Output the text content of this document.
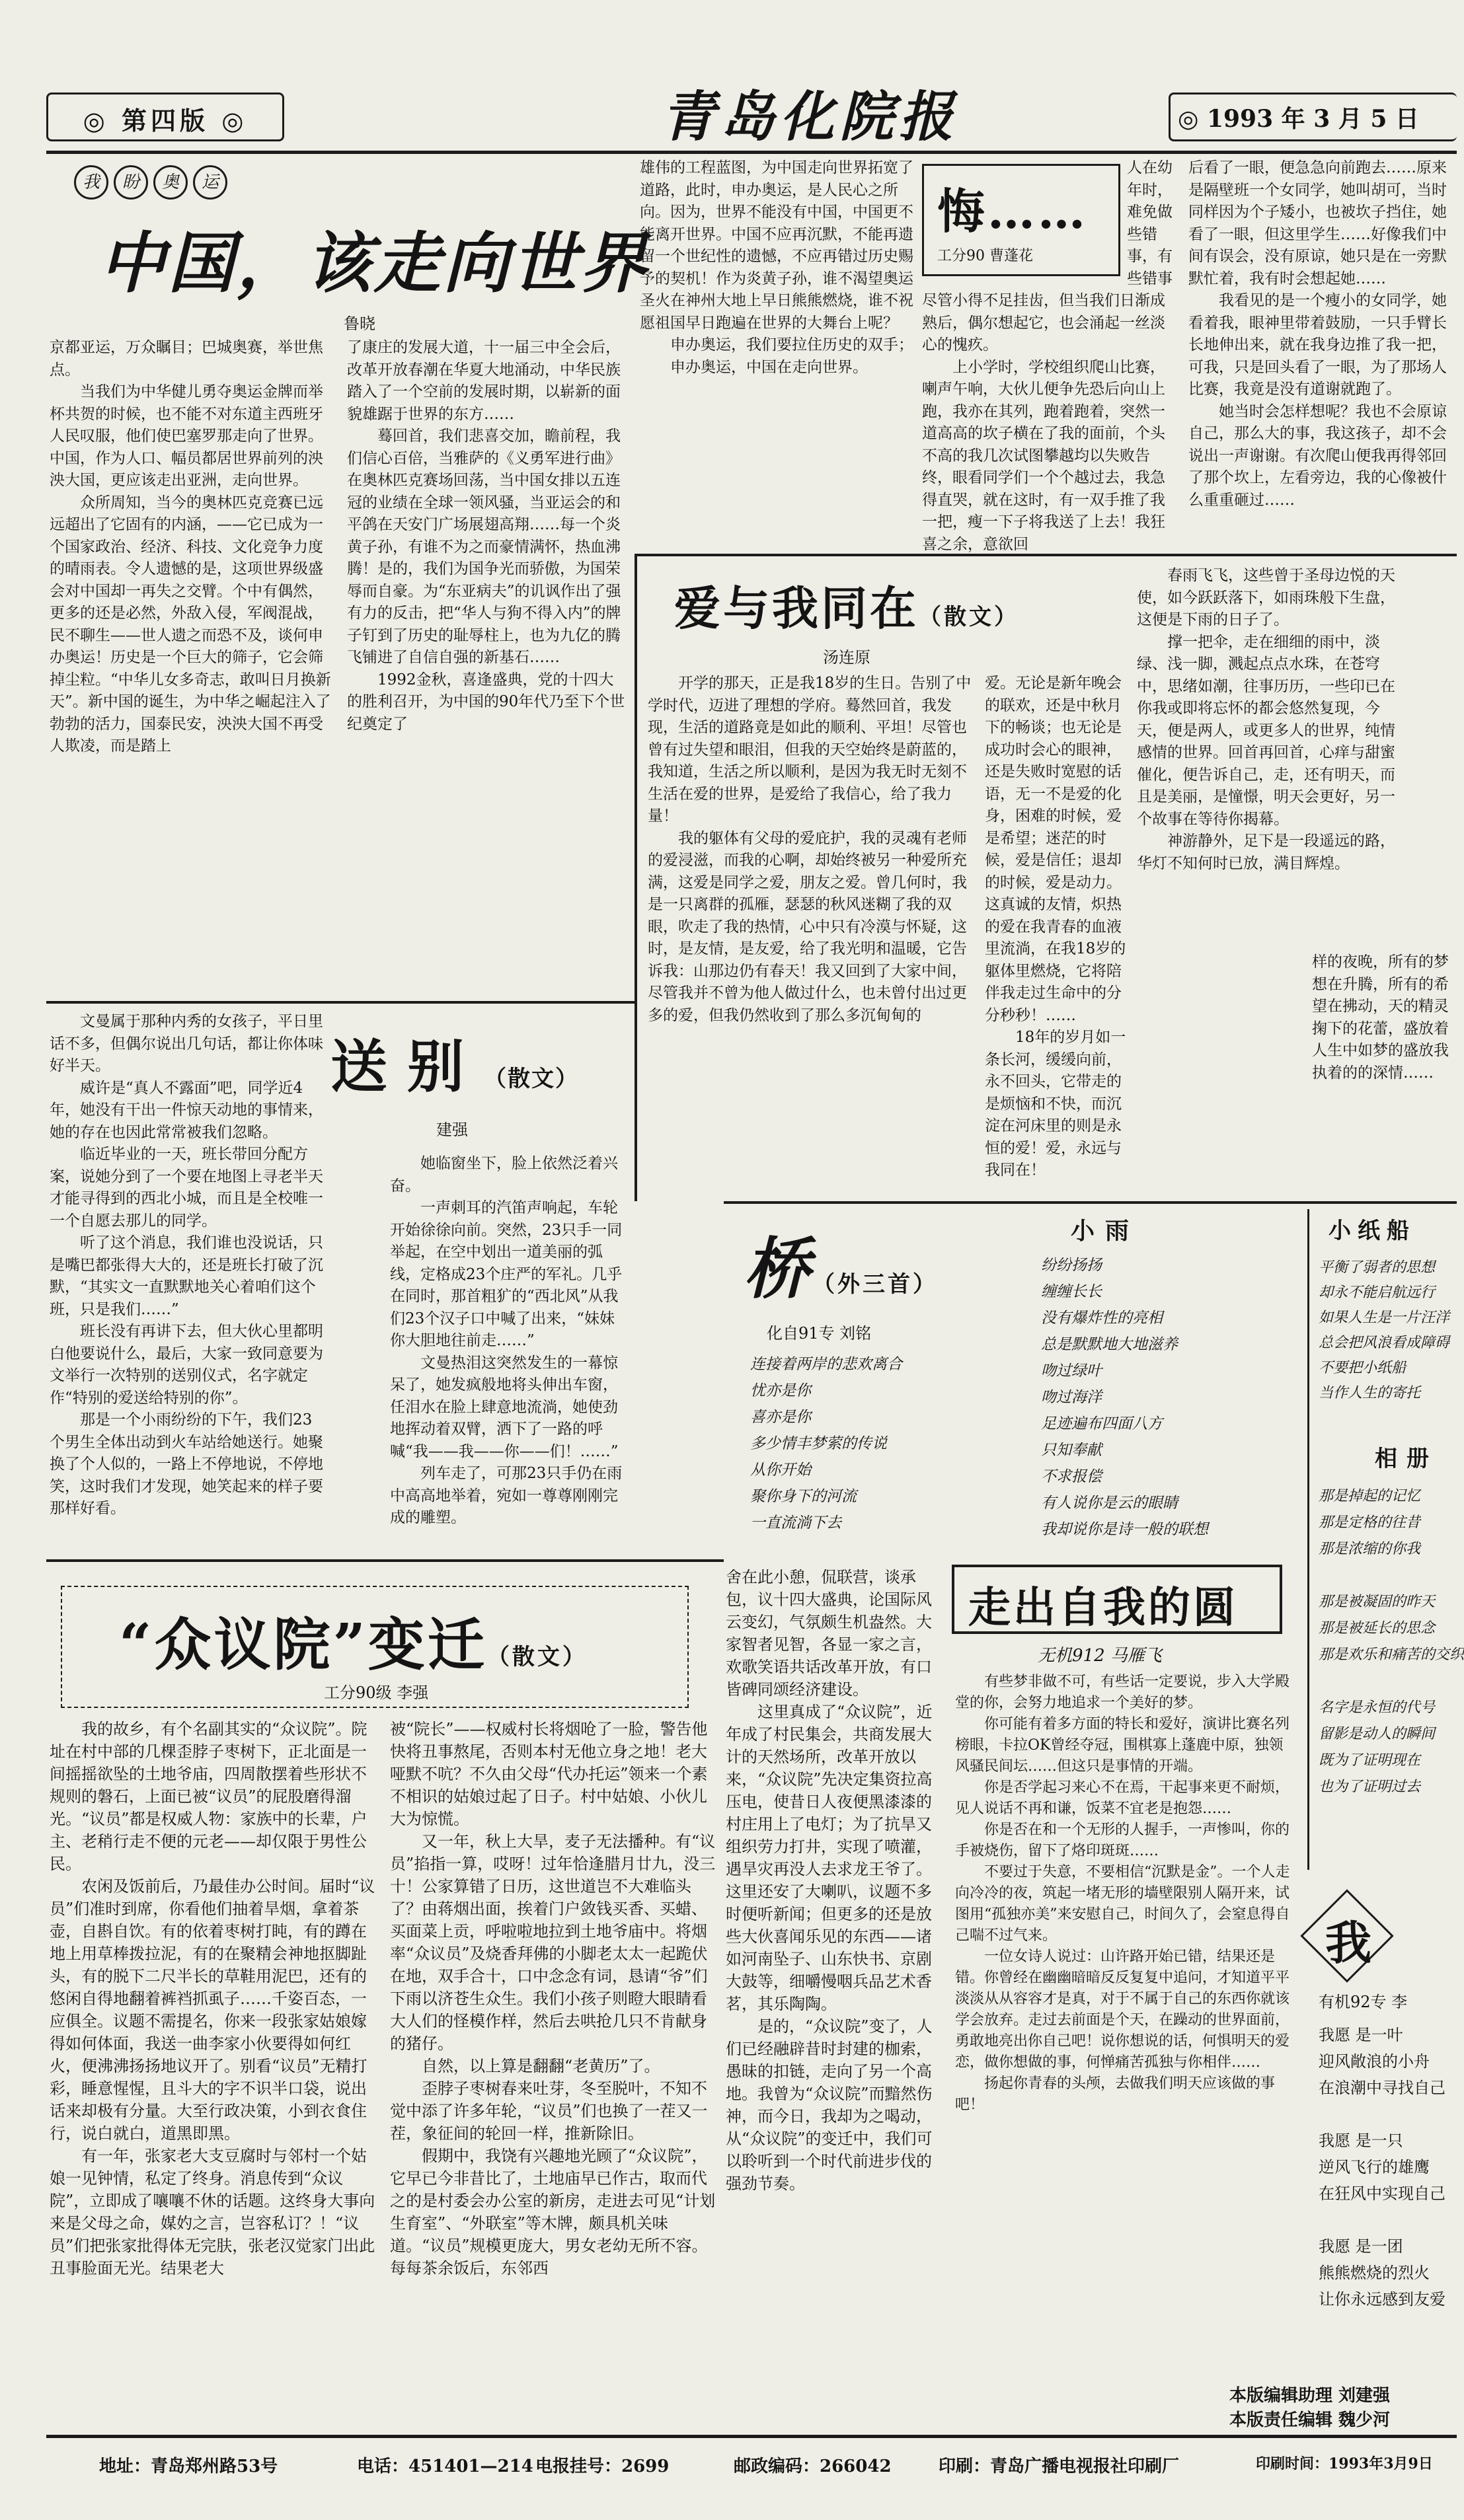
◎ 第四版 ◎	青岛化院报	◎ 1993 年 3 月 5 日
我 盼 奥 运
中国，该走向世界
鲁晓

京都亚运，万众瞩目；巴城奥赛，举世焦点。

当我们为中华健儿勇夺奥运金牌而举杯共贺的时候，也不能不对东道主西班牙人民叹服，他们使巴塞罗那走向了世界。中国，作为人口、幅员都居世界前列的泱泱大国，更应该走出亚洲，走向世界。

众所周知，当今的奥林匹克竞赛已远远超出了它固有的内涵，——它已成为一个国家政治、经济、科技、文化竞争力度的晴雨表。令人遗憾的是，这项世界级盛会对中国却一再失之交臂。个中有偶然，更多的还是必然，外敌入侵，军阀混战，民不聊生——世人遗之而恐不及，谈何申办奥运！历史是一个巨大的筛子，它会筛掉尘粒。“中华儿女多奇志，敢叫日月换新天”。新中国的诞生，为中华之崛起注入了勃勃的活力，国泰民安，泱泱大国不再受人欺凌，而是踏上

了康庄的发展大道，十一届三中全会后，改革开放春潮在华夏大地涌动，中华民族踏入了一个空前的发展时期，以崭新的面貌雄踞于世界的东方……

蓦回首，我们悲喜交加，瞻前程，我们信心百倍，当雅萨的《义勇军进行曲》在奥林匹克赛场回荡，当中国女排以五连冠的业绩在全球一领风骚，当亚运会的和平鸽在天安门广场展翅高翔……每一个炎黄子孙，有谁不为之而豪情满怀，热血沸腾！是的，我们为国争光而骄傲，为国荣辱而自豪。为“东亚病夫”的讥讽作出了强有力的反击，把“华人与狗不得入内”的牌子钉到了历史的耻辱柱上，也为九亿的腾飞铺进了自信自强的新基石……

1992金秋，喜逢盛典，党的十四大的胜利召开，为中国的90年代乃至下个世纪奠定了

雄伟的工程蓝图，为中国走向世界拓宽了道路，此时，申办奥运，是人民心之所向。因为，世界不能没有中国，中国更不能离开世界。中国不应再沉默，不能再遗留一个世纪性的遗憾，不应再错过历史赐予的契机！作为炎黄子孙，谁不渴望奥运圣火在神州大地上早日熊熊燃烧，谁不祝愿祖国早日跑遍在世界的大舞台上呢？

申办奥运，我们要拉住历史的双手；

申办奥运，中国在走向世界。

悔……
工分90 曹蓬花

人在幼年时，难免做些错事，有些错事尽管小得不足挂齿，但当我们日渐成熟后，偶尔想起它，也会涌起一丝淡心的愧疚。

上小学时，学校组织爬山比赛，喇声午响，大伙儿便争先恐后向山上跑，我亦在其列，跑着跑着，突然一道高高的坎子横在了我的面前，个头不高的我几次试图攀越均以失败告终，眼看同学们一个个越过去，我急得直哭，就在这时，有一双手推了我一把，瘦一下子将我送了上去！我狂喜之余，意欲回

后看了一眼，便急急向前跑去……原来是隔壁班一个女同学，她叫胡可，当时同样因为个子矮小，也被坎子挡住，她看了一眼，但这里学生……好像我们中间有误会，没有原谅，她只是在一旁默默忙着，我有时会想起她……

我看见的是一个瘦小的女同学，她看着我，眼神里带着鼓励，一只手臂长长地伸出来，就在我身边推了我一把，可我，只是回头看了一眼，为了那场人比赛，我竟是没有道谢就跑了。

她当时会怎样想呢？我也不会原谅自己，那么大的事，我这孩子，却不会说出一声谢谢。有次爬山便我再得邻回了那个坎上，左看旁边，我的心像被什么重重砸过……

爱与我同在（散文）
汤连原

开学的那天，正是我18岁的生日。告别了中学时代，迈进了理想的学府。蓦然回首，我发现，生活的道路竟是如此的顺利、平坦！尽管也曾有过失望和眼泪，但我的天空始终是蔚蓝的，我知道，生活之所以顺利，是因为我无时无刻不生活在爱的世界，是爱给了我信心，给了我力量！

我的躯体有父母的爱庇护，我的灵魂有老师的爱浸滋，而我的心啊，却始终被另一种爱所充满，这爱是同学之爱，朋友之爱。曾几何时，我是一只离群的孤雁，瑟瑟的秋风迷糊了我的双眼，吹走了我的热情，心中只有冷漠与怀疑，这时，是友情，是友爱，给了我光明和温暖，它告诉我：山那边仍有春天！我又回到了大家中间，尽管我并不曾为他人做过什么，也未曾付出过更多的爱，但我仍然收到了那么多沉甸甸的

爱。无论是新年晚会的联欢，还是中秋月下的畅谈；也无论是成功时会心的眼神，还是失败时宽慰的话语，无一不是爱的化身，困难的时候，爱是希望；迷茫的时候，爱是信任；退却的时候，爱是动力。这真诚的友情，炽热的爱在我青春的血液里流淌，在我18岁的躯体里燃烧，它将陪伴我走过生命中的分分秒秒！……

18年的岁月如一条长河，缓缓向前，永不回头，它带走的是烦恼和不快，而沉淀在河床里的则是永恒的爱！爱，永远与我同在！

春雨飞飞，这些曾于圣母边悦的天使，如今跃跃落下，如雨珠般下生盘，这便是下雨的日子了。

撑一把伞，走在细细的雨中，淡绿、浅一脚，溅起点点水珠，在苍穹中，思绪如潮，往事历历，一些印已在你我或即将忘怀的都会悠然复现，今天，便是两人，或更多人的世界，纯情感情的世界。回首再回首，心痒与甜蜜催化，便告诉自己，走，还有明天，而且是美丽，是憧憬，明天会更好，另一个故事在等待你揭幕。

神游静外，足下是一段遥远的路，华灯不知何时已放，满目辉煌。

样的夜晚，所有的梦想在升腾，所有的希望在拂动，天的精灵掬下的花蕾，盛放着人生中如梦的盛放我执着的的深情……

文曼属于那种内秀的女孩子，平日里话不多，但偶尔说出几句话，都让你体味好半天。

威许是“真人不露面”吧，同学近4年，她没有干出一件惊天动地的事情来，她的存在也因此常常被我们忽略。

临近毕业的一天，班长带回分配方案，说她分到了一个要在地图上寻老半天才能寻得到的西北小城，而且是全校唯一一个自愿去那儿的同学。

听了这个消息，我们谁也没说话，只是嘴巴都张得大大的，还是班长打破了沉默，“其实文一直默默地关心着咱们这个班，只是我们……”

班长没有再讲下去，但大伙心里都明白他要说什么，最后，大家一致同意要为文举行一次特别的送别仪式，名字就定作“特别的爱送给特别的你”。

那是一个小雨纷纷的下午，我们23个男生全体出动到火车站给她送行。她聚换了个人似的，一路上不停地说，不停地笑，这时我们才发现，她笑起来的样子要那样好看。

送别（散文）
建强

她临窗坐下，脸上依然泛着兴奋。

一声刺耳的汽笛声响起，车轮开始徐徐向前。突然，23只手一同举起，在空中划出一道美丽的弧线，定格成23个庄严的军礼。几乎在同时，那首粗犷的“西北风”从我们23个汉子口中喊了出来，“妹妹你大胆地往前走……”

文曼热泪这突然发生的一幕惊呆了，她发疯般地将头伸出车窗，任泪水在脸上肆意地流淌，她使劲地挥动着双臂，洒下了一路的呼喊“我——我——你——们！……”

列车走了，可那23只手仍在雨中高高地举着，宛如一尊尊刚刚完成的雕塑。

桥（外三首）
化自91专 刘铭
连接着两岸的悲欢离合
忧亦是你
喜亦是你
多少情丰梦萦的传说
从你开始
聚你身下的河流
一直流淌下去
小雨
纷纷扬扬
缠缠长长
没有爆炸性的亮相
总是默默地大地滋养
吻过绿叶
吻过海洋
足迹遍布四面八方
只知奉献
不求报偿
有人说你是云的眼睛
我却说你是诗一般的联想
小纸船
平衡了弱者的思想
却永不能启航远行
如果人生是一片汪洋
总会把风浪看成障碍
不要把小纸船
当作人生的寄托
相册
那是掉起的记忆
那是定格的往昔
那是浓缩的你我

那是被凝固的昨天
那是被延长的思念
那是欢乐和痛苦的交织

名字是永恒的代号
留影是动人的瞬间
既为了证明现在
也为了证明过去
“众议院”变迁（散文）
工分90级 李强

我的故乡，有个名副其实的“众议院”。院址在村中部的几棵歪脖子枣树下，正北面是一间摇摇欲坠的土地爷庙，四周散摆着些形状不规则的磐石，上面已被“议员”的屁股磨得溜光。“议员”都是权威人物：家族中的长辈，户主、老稍行走不便的元老——却仅限于男性公民。

农闲及饭前后，乃最佳办公时间。届时“议员”们准时到席，你看他们抽着旱烟，拿着茶壶，自斟自饮。有的依着枣树打盹，有的蹲在地上用草棒拨拉泥，有的在聚精会神地抠脚趾头，有的脱下二尺半长的草鞋用泥巴，还有的悠闲自得地翻着裤裆抓虱子……千姿百态，一应俱全。议题不需提名，你来一段张家姑娘嫁得如何体面，我送一曲李家小伙要得如何红火，便沸沸扬扬地议开了。别看“议员”无精打彩，睡意惺惺，且斗大的字不识半口袋，说出话来却极有分量。大至行政决策，小到衣食住行，说白就白，道黑即黑。

有一年，张家老大支豆腐时与邻村一个姑娘一见钟情，私定了终身。消息传到“众议院”，立即成了嚷嚷不休的话题。这终身大事向来是父母之命，媒妁之言，岂容私订？！“议员”们把张家批得体无完肤，张老汉觉家门出此丑事脸面无光。结果老大

被“院长”——权威村长将烟呛了一脸，警告他快将丑事熬尾，否则本村无他立身之地！老大哑默不吭？不久由父母“代办托运”领来一个素不相识的姑娘过起了日子。村中姑娘、小伙儿大为惊慌。

又一年，秋上大旱，麦子无法播种。有“议员”掐指一算，哎呀！过年恰逢腊月廿九，没三十！公家算错了日历，这世道岂不大难临头了？由蒋烟出面，挨着门户敛钱买香、买蜡、买面菜上贡，呼啦啦地拉到土地爷庙中。将烟率“众议员”及烧香拜佛的小脚老太太一起跪伏在地，双手合十，口中念念有词，恳请“爷”们下雨以济苍生众生。我们小孩子则瞪大眼睛看大人们的怪模作样，然后去哄抢几只不肯献身的猪仔。

自然，以上算是翻翻“老黄历”了。

歪脖子枣树春来吐芽，冬至脱叶，不知不觉中添了许多年轮，“议员”们也换了一茬又一茬，象征间的轮回一样，推新除旧。

假期中，我饶有兴趣地光顾了“众议院”，它早已今非昔比了，土地庙早已作古，取而代之的是村委会办公室的新房，走进去可见“计划生育室”、“外联室”等木牌，颇具机关味道。“议员”规模更庞大，男女老幼无所不容。每每茶余饭后，东邻西

舍在此小憩，侃联营，谈承包，议十四大盛典，论国际风云变幻，气氛颇生机盎然。大家智者见智，各显一家之言，欢歌笑语共话改革开放，有口皆碑同颂经济建设。

这里真成了“众议院”，近年成了村民集会，共商发展大计的天然场所，改革开放以来，“众议院”先决定集资拉高压电，使昔日人夜便黑漆漆的村庄用上了电灯；为了抗旱又组织劳力打井，实现了喷灌，遇旱灾再没人去求龙王爷了。这里还安了大喇叭，议题不多时便听新闻；但更多的还是放些大伙喜闻乐见的东西——诸如河南坠子、山东快书、京剧大鼓等，细嚼慢咽兵品艺术香茗，其乐陶陶。

是的，“众议院”变了，人们已经融辟昔时封建的枷索，愚昧的扣链，走向了另一个高地。我曾为“众议院”而黯然伤神，而今日，我却为之喝动，从“众议院”的变迁中，我们可以聆听到一个时代前进步伐的强劲节奏。

走出自我的圆
无机912 马雁飞

有些梦非做不可，有些话一定要说，步入大学殿堂的你，会努力地追求一个美好的梦。

你可能有着多方面的特长和爱好，演讲比赛名列榜眼，卡拉OK曾经夺冠，围棋寡上蓬鹿中原，独领风骚民间坛……但这只是事情的开端。

你是否学起习来心不在焉，干起事来更不耐烦，见人说话不再和谦，饭菜不宜老是抱怨……

你是否在和一个无形的人握手，一声惨叫，你的手被烧伤，留下了烙印斑斑……

不要过于失意，不要相信“沉默是金”。一个人走向冷冷的夜，筑起一堵无形的墙壁限别人隔开来，试图用“孤独亦美”来安慰自己，时间久了，会窒息得自己喘不过气来。

一位女诗人说过：山许路开始已错，结果还是错。你曾经在幽幽暗暗反反复复中追问，才知道平平淡淡从从容容才是真，对于不属于自己的东西你就该学会放弃。走过去前面是个天，在躁动的世界面前，勇敢地亮出你自己吧！说你想说的话，何惧明天的爱恋，做你想做的事，何惮痛苦孤独与你相伴……

扬起你青春的头颅，去做我们明天应该做的事吧！

本版编辑助理 刘建强
本版责任编辑 魏少河
我
有机92专 李
我愿 是一叶
迎风敞浪的小舟
在浪潮中寻找自己

我愿 是一只
逆风飞行的雄鹰
在狂风中实现自己

我愿 是一团
熊熊燃烧的烈火
让你永远感到友爱
地址：青岛郑州路53号	电话：451401—214 电报挂号：2699	邮政编码：266042	印刷：青岛广播电视报社印刷厂	印刷时间：1993年3月9日
